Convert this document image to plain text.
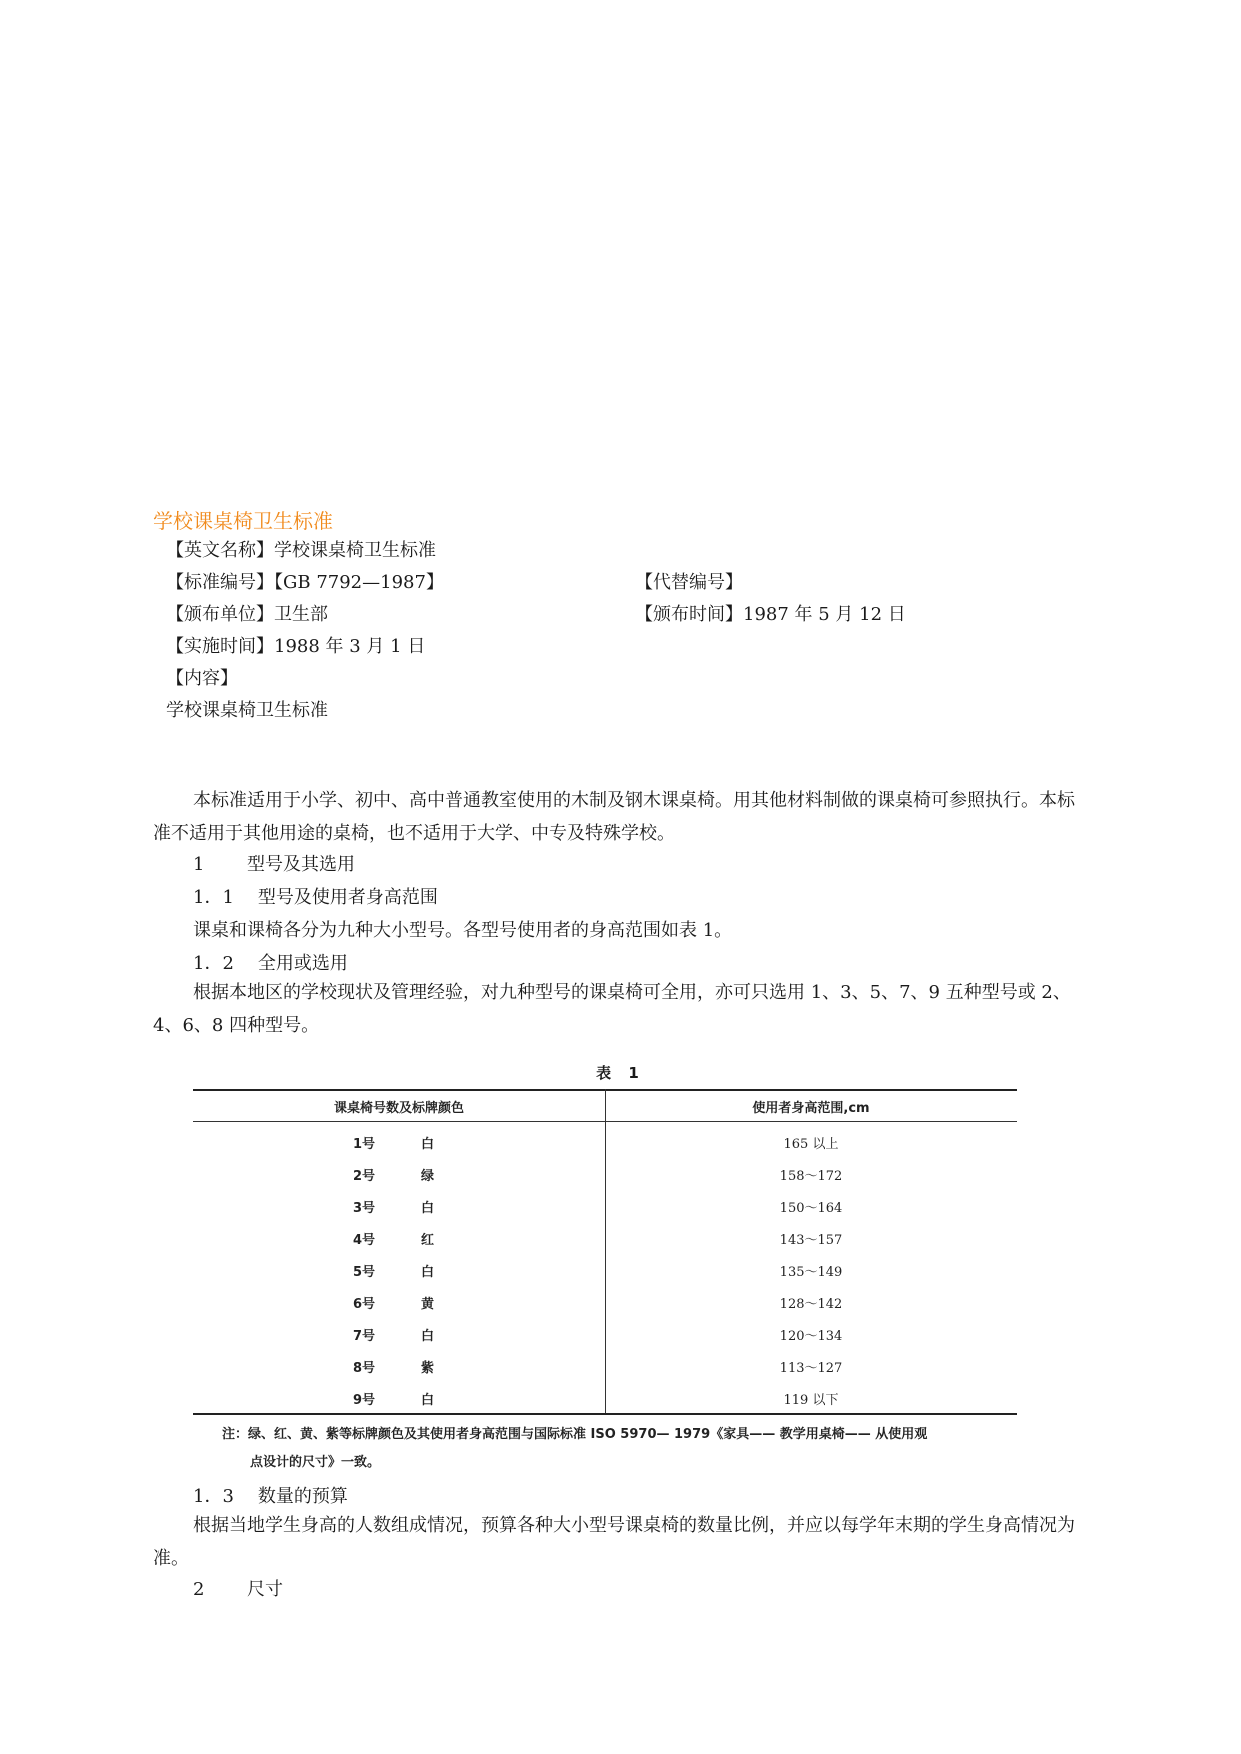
学校课桌椅卫生标准
【英文名称】学校课桌椅卫生标准
【标准编号】【GB 7792—1987】	【代替编号】
【颁布单位】卫生部	【颁布时间】1987 年 5 月 12 日
【实施时间】1988 年 3 月 1 日
【内容】
学校课桌椅卫生标准

本标准适用于小学、初中、高中普通教室使用的木制及钢木课桌椅。用其他材料制做的课桌椅可参照执行。本标准不适用于其他用途的桌椅，也不适用于大学、中专及特殊学校。

1 型号及其选用
1．1 型号及使用者身高范围
课桌和课椅各分为九种大小型号。各型号使用者的身高范围如表 1。
1．2 全用或选用

根据本地区的学校现状及管理经验，对九种型号的课桌椅可全用，亦可只选用 1、3、5、7、9 五种型号或 2、4、6、8 四种型号。

表 1
课桌椅号数及标牌颜色	使用者身高范围,cm
1号	白	165 以上
2号	绿	158～172
3号	白	150～164
4号	红	143～157
5号	白	135～149
6号	黄	128～142
7号	白	120～134
8号	紫	113～127
9号	白	119 以下
注：绿、红、黄、紫等标牌颜色及其使用者身高范围与国际标准 ISO 5970— 1979《家具—— 教学用桌椅—— 从使用观
点设计的尺寸》一致。
1．3 数量的预算

根据当地学生身高的人数组成情况，预算各种大小型号课桌椅的数量比例，并应以每学年末期的学生身高情况为准。

2 尺寸
